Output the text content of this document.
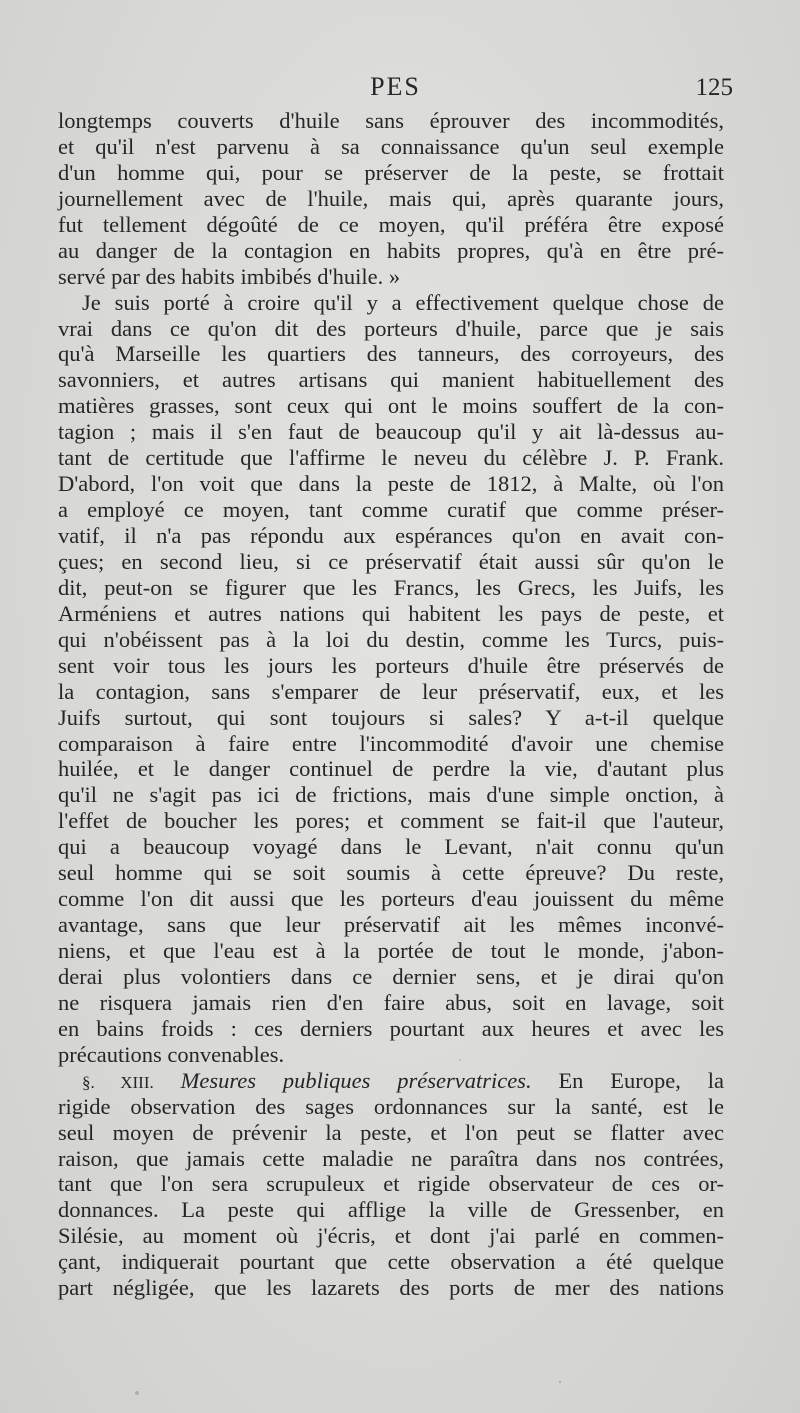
PES	125
longtemps couverts d'huile sans éprouver des incommodités,
et qu'il n'est parvenu à sa connaissance qu'un seul exemple
d'un homme qui, pour se préserver de la peste, se frottait
journellement avec de l'huile, mais qui, après quarante jours,
fut tellement dégoûté de ce moyen, qu'il préféra être exposé
au danger de la contagion en habits propres, qu'à en être pré-
servé par des habits imbibés d'huile. »
Je suis porté à croire qu'il y a effectivement quelque chose de
vrai dans ce qu'on dit des porteurs d'huile, parce que je sais
qu'à Marseille les quartiers des tanneurs, des corroyeurs, des
savonniers, et autres artisans qui manient habituellement des
matières grasses, sont ceux qui ont le moins souffert de la con-
tagion ; mais il s'en faut de beaucoup qu'il y ait là-dessus au-
tant de certitude que l'affirme le neveu du célèbre J. P. Frank.
D'abord, l'on voit que dans la peste de 1812, à Malte, où l'on
a employé ce moyen, tant comme curatif que comme préser-
vatif, il n'a pas répondu aux espérances qu'on en avait con-
çues; en second lieu, si ce préservatif était aussi sûr qu'on le
dit, peut-on se figurer que les Francs, les Grecs, les Juifs, les
Arméniens et autres nations qui habitent les pays de peste, et
qui n'obéissent pas à la loi du destin, comme les Turcs, puis-
sent voir tous les jours les porteurs d'huile être préservés de
la contagion, sans s'emparer de leur préservatif, eux, et les
Juifs surtout, qui sont toujours si sales? Y a-t-il quelque
comparaison à faire entre l'incommodité d'avoir une chemise
huilée, et le danger continuel de perdre la vie, d'autant plus
qu'il ne s'agit pas ici de frictions, mais d'une simple onction, à
l'effet de boucher les pores; et comment se fait-il que l'auteur,
qui a beaucoup voyagé dans le Levant, n'ait connu qu'un
seul homme qui se soit soumis à cette épreuve? Du reste,
comme l'on dit aussi que les porteurs d'eau jouissent du même
avantage, sans que leur préservatif ait les mêmes inconvé-
niens, et que l'eau est à la portée de tout le monde, j'abon-
derai plus volontiers dans ce dernier sens, et je dirai qu'on
ne risquera jamais rien d'en faire abus, soit en lavage, soit
en bains froids : ces derniers pourtant aux heures et avec les
précautions convenables.
§. XIII. Mesures publiques préservatrices. En Europe, la
rigide observation des sages ordonnances sur la santé, est le
seul moyen de prévenir la peste, et l'on peut se flatter avec
raison, que jamais cette maladie ne paraîtra dans nos contrées,
tant que l'on sera scrupuleux et rigide observateur de ces or-
donnances. La peste qui afflige la ville de Gressenber, en
Silésie, au moment où j'écris, et dont j'ai parlé en commen-
çant, indiquerait pourtant que cette observation a été quelque
part négligée, que les lazarets des ports de mer des nations
